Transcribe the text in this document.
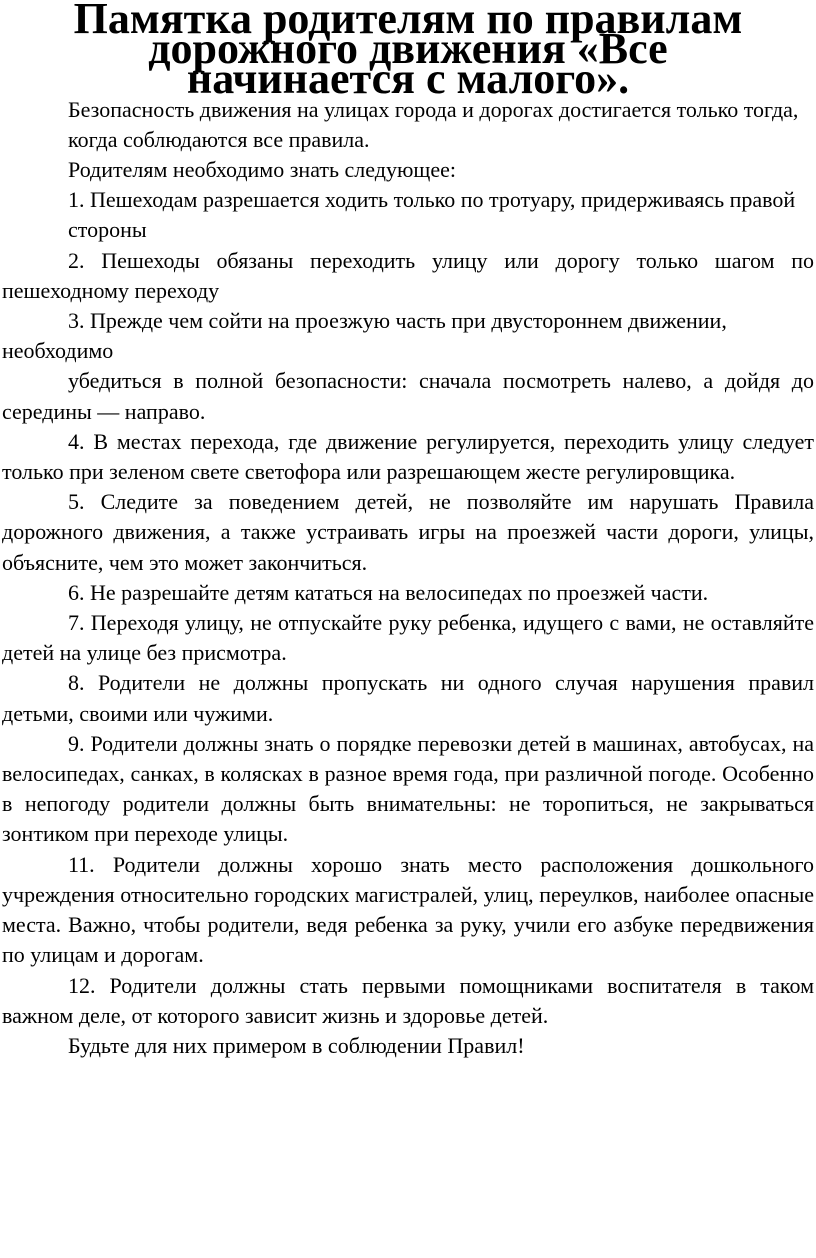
Памятка родителям по правилам дорожного движения «Все начинается с малого».

Безопасность движения на улицах города и дорогах достигается только тогда,

когда соблюдаются все правила.

Родителям необходимо знать следующее:

1. Пешеходам разрешается ходить только по тротуару, придерживаясь правой

стороны

2. Пешеходы обязаны переходить улицу или дорогу только шагом по пешеходному переходу

3. Прежде чем сойти на проезжую часть при двустороннем движении, необходимо

убедиться в полной безопасности: сначала посмотреть налево, а дойдя до середины — направо.

4. В местах перехода, где движение регулируется, переходить улицу следует только при зеленом свете светофора или разрешающем жесте регулировщика.

5. Следите за поведением детей, не позволяйте им нарушать Правила дорожного движения, а также устраивать игры на проезжей части дороги, улицы, объясните, чем это может закончиться.

6. Не разрешайте детям кататься на велосипедах по проезжей части.

7. Переходя улицу, не отпускайте руку ребенка, идущего с вами, не оставляйте детей на улице без присмотра.

8. Родители не должны пропускать ни одного случая нарушения правил детьми, своими или чужими.

9. Родители должны знать о порядке перевозки детей в машинах, автобусах, на велосипедах, санках, в колясках в разное время года, при различной погоде. Особенно в непогоду родители должны быть внимательны: не торопиться, не закрываться зонтиком при переходе улицы.

11. Родители должны хорошо знать место расположения дошкольного учреждения относительно городских магистралей, улиц, переулков, наиболее опасные места. Важно, чтобы родители, ведя ребенка за руку, учили его азбуке передвижения по улицам и дорогам.

12. Родители должны стать первыми помощниками воспитателя в таком важном деле, от которого зависит жизнь и здоровье детей.

Будьте для них примером в соблюдении Правил!
